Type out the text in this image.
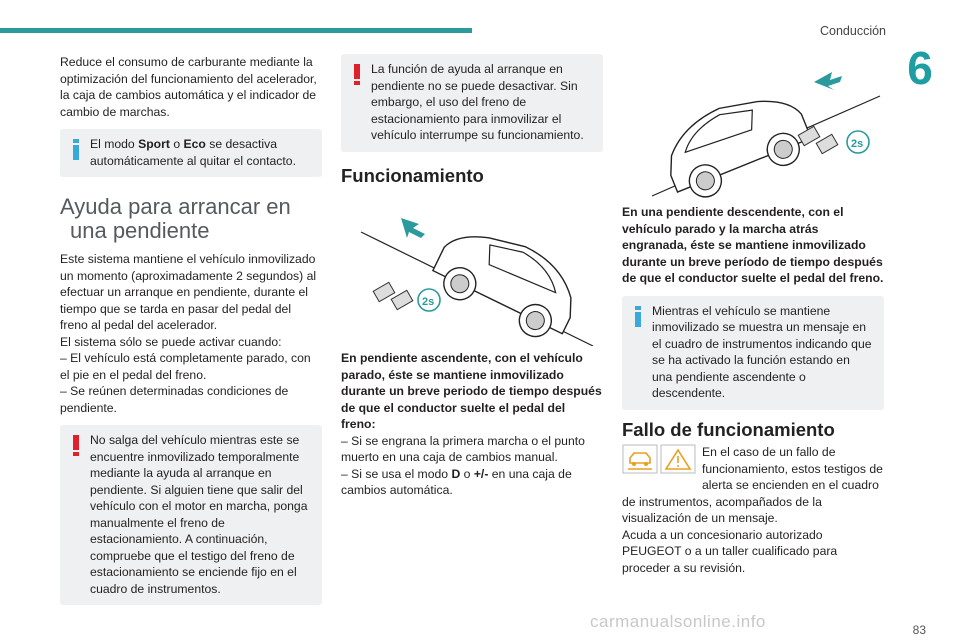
Conducción
6

Reduce el consumo de carburante mediante la optimización del funcionamiento del acelerador, la caja de cambios automática y el indicador de cambio de marchas.

El modo Sport o Eco se desactiva automáticamente al quitar el contacto.

Ayuda para arrancar en
una pendiente

Este sistema mantiene el vehículo inmovilizado un momento (aproximadamente 2 segundos) al efectuar un arranque en pendiente, durante el tiempo que se tarda en pasar del pedal del freno al pedal del acelerador.

El sistema sólo se puede activar cuando:

– El vehículo está completamente parado, con el pie en el pedal del freno.

– Se reúnen determinadas condiciones de pendiente.

No salga del vehículo mientras este se encuentre inmovilizado temporalmente mediante la ayuda al arranque en pendiente. Si alguien tiene que salir del vehículo con el motor en marcha, ponga manualmente el freno de estacionamiento. A continuación, compruebe que el testigo del freno de estacionamiento se enciende fijo en el cuadro de instrumentos.

La función de ayuda al arranque en pendiente no se puede desactivar. Sin embargo, el uso del freno de estacionamiento para inmovilizar el vehículo interrumpe su funcionamiento.

Funcionamiento
2s

En pendiente ascendente, con el vehículo parado, éste se mantiene inmovilizado durante un breve periodo de tiempo después de que el conductor suelte el pedal del freno:

– Si se engrana la primera marcha o el punto muerto en una caja de cambios manual.

– Si se usa el modo D o +/- en una caja de cambios automática.

2s

En una pendiente descendente, con el vehículo parado y la marcha atrás engranada, éste se mantiene inmovilizado durante un breve período de tiempo después de que el conductor suelte el pedal del freno.

Mientras el vehículo se mantiene inmovilizado se muestra un mensaje en el cuadro de instrumentos indicando que se ha activado la función estando en una pendiente ascendente o descendente.

Fallo de funcionamiento

En el caso de un fallo de funcionamiento, estos testigos de alerta se encienden en el cuadro de instrumentos, acompañados de la visualización de un mensaje.

Acuda a un concesionario autorizado PEUGEOT o a un taller cualificado para proceder a su revisión.

carmanualsonline.info	83
